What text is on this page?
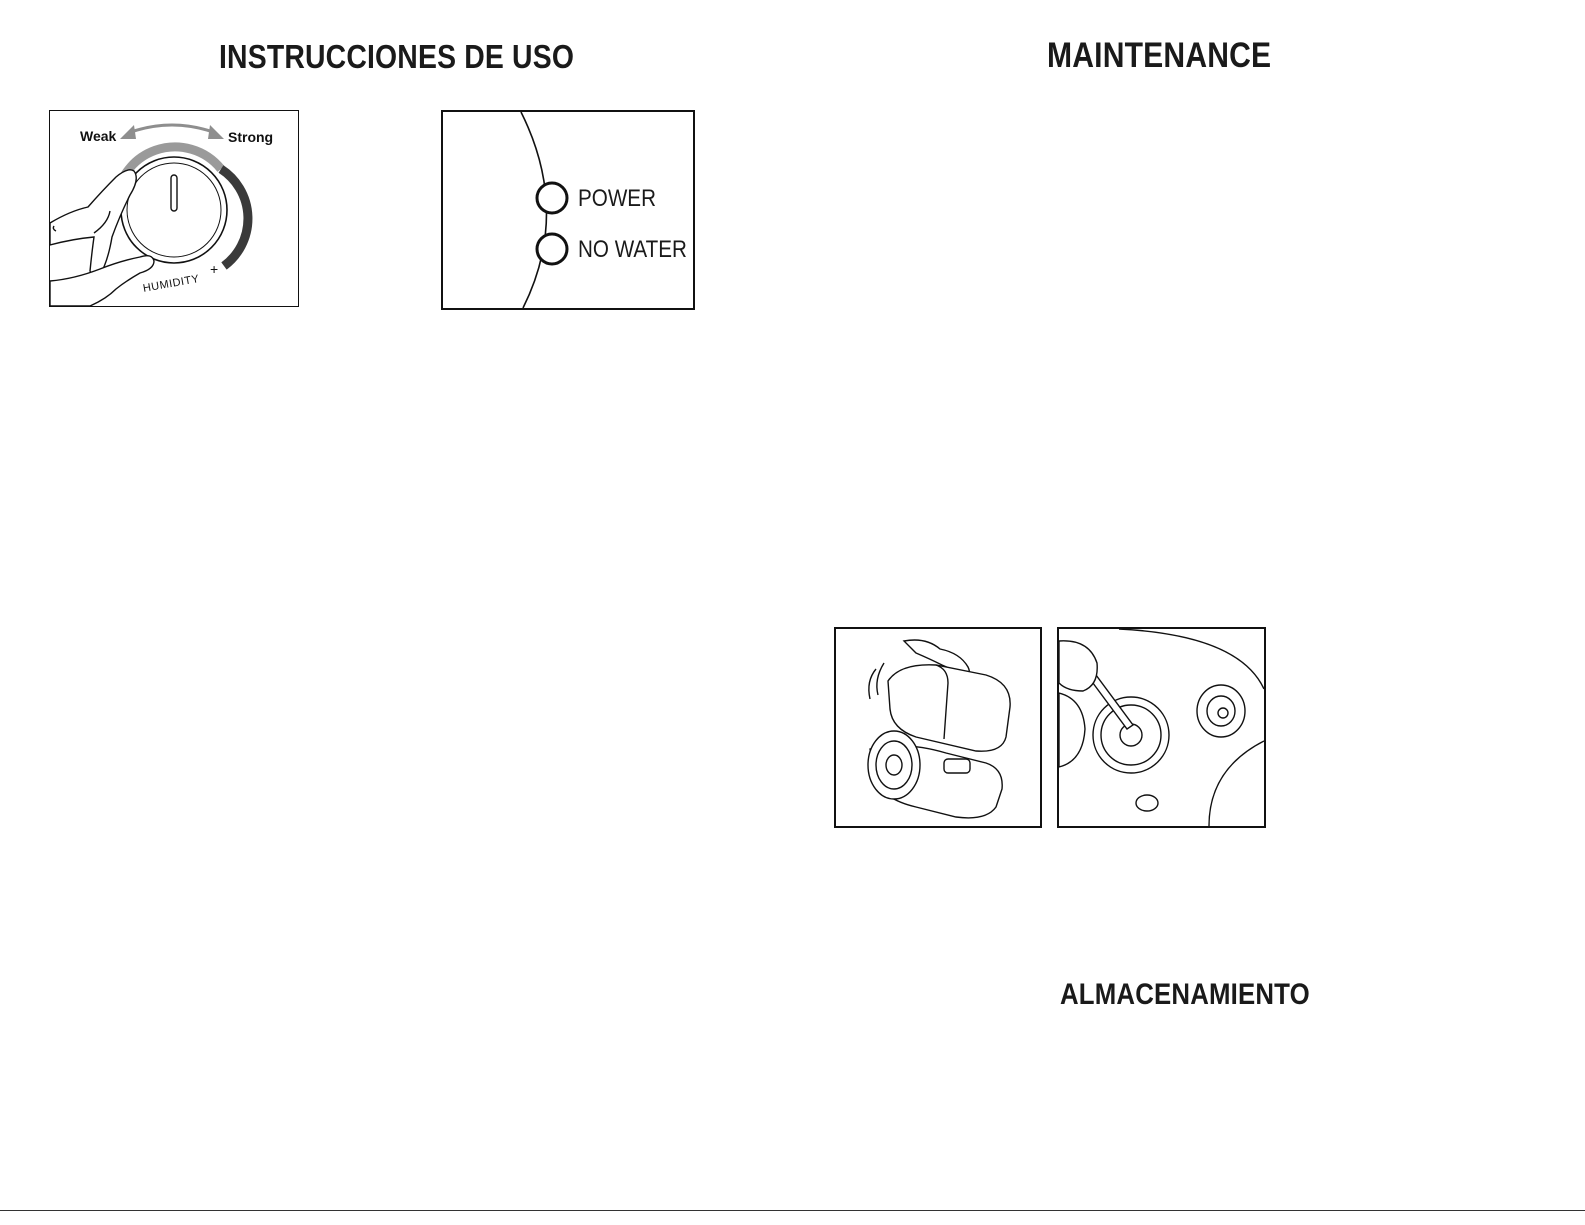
INSTRUCCIONES DE USO
Weak	Strong
+
HUMIDITY
POWER
NO WATER
MAINTENANCE
ALMACENAMIENTO
